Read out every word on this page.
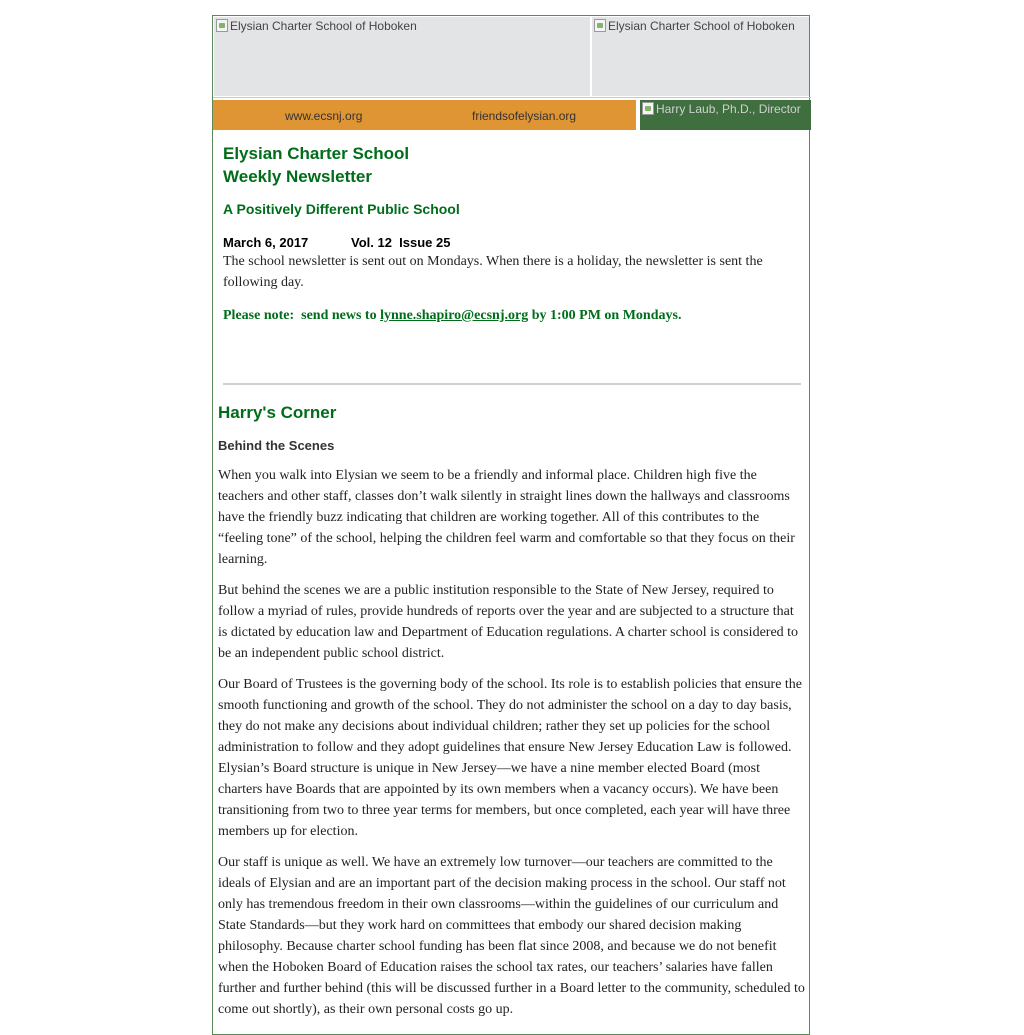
Elysian Charter School of Hoboken	Elysian Charter School of Hoboken
www.ecsnj.org	friendsofelysian.org	Harry Laub, Ph.D., Director
Elysian Charter School
Weekly Newsletter
A Positively Different Public School
March 6, 2017	Vol. 12  Issue 25
The school newsletter is sent out on Mondays. When there is a holiday, the newsletter is sent the following day.
Please note:  send news to lynne.shapiro@ecsnj.org by 1:00 PM on Mondays.
Harry's Corner
Behind the Scenes

When you walk into Elysian we seem to be a friendly and informal place. Children high five the teachers and other staff, classes don’t walk silently in straight lines down the hallways and classrooms have the friendly buzz indicating that children are working together. All of this contributes to the “feeling tone” of the school, helping the children feel warm and comfortable so that they focus on their learning.

But behind the scenes we are a public institution responsible to the State of New Jersey, required to follow a myriad of rules, provide hundreds of reports over the year and are subjected to a structure that is dictated by education law and Department of Education regulations. A charter school is considered to be an independent public school district.

Our Board of Trustees is the governing body of the school. Its role is to establish policies that ensure the smooth functioning and growth of the school. They do not administer the school on a day to day basis, they do not make any decisions about individual children; rather they set up policies for the school administration to follow and they adopt guidelines that ensure New Jersey Education Law is followed. Elysian’s Board structure is unique in New Jersey—we have a nine member elected Board (most charters have Boards that are appointed by its own members when a vacancy occurs). We have been transitioning from two to three year terms for members, but once completed, each year will have three members up for election.

Our staff is unique as well. We have an extremely low turnover—our teachers are committed to the ideals of Elysian and are an important part of the decision making process in the school. Our staff not only has tremendous freedom in their own classrooms—within the guidelines of our curriculum and State Standards—but they work hard on committees that embody our shared decision making philosophy. Because charter school funding has been flat since 2008, and because we do not benefit when the Hoboken Board of Education raises the school tax rates, our teachers’ salaries have fallen further and further behind (this will be discussed further in a Board letter to the community, scheduled to come out shortly), as their own personal costs go up.
